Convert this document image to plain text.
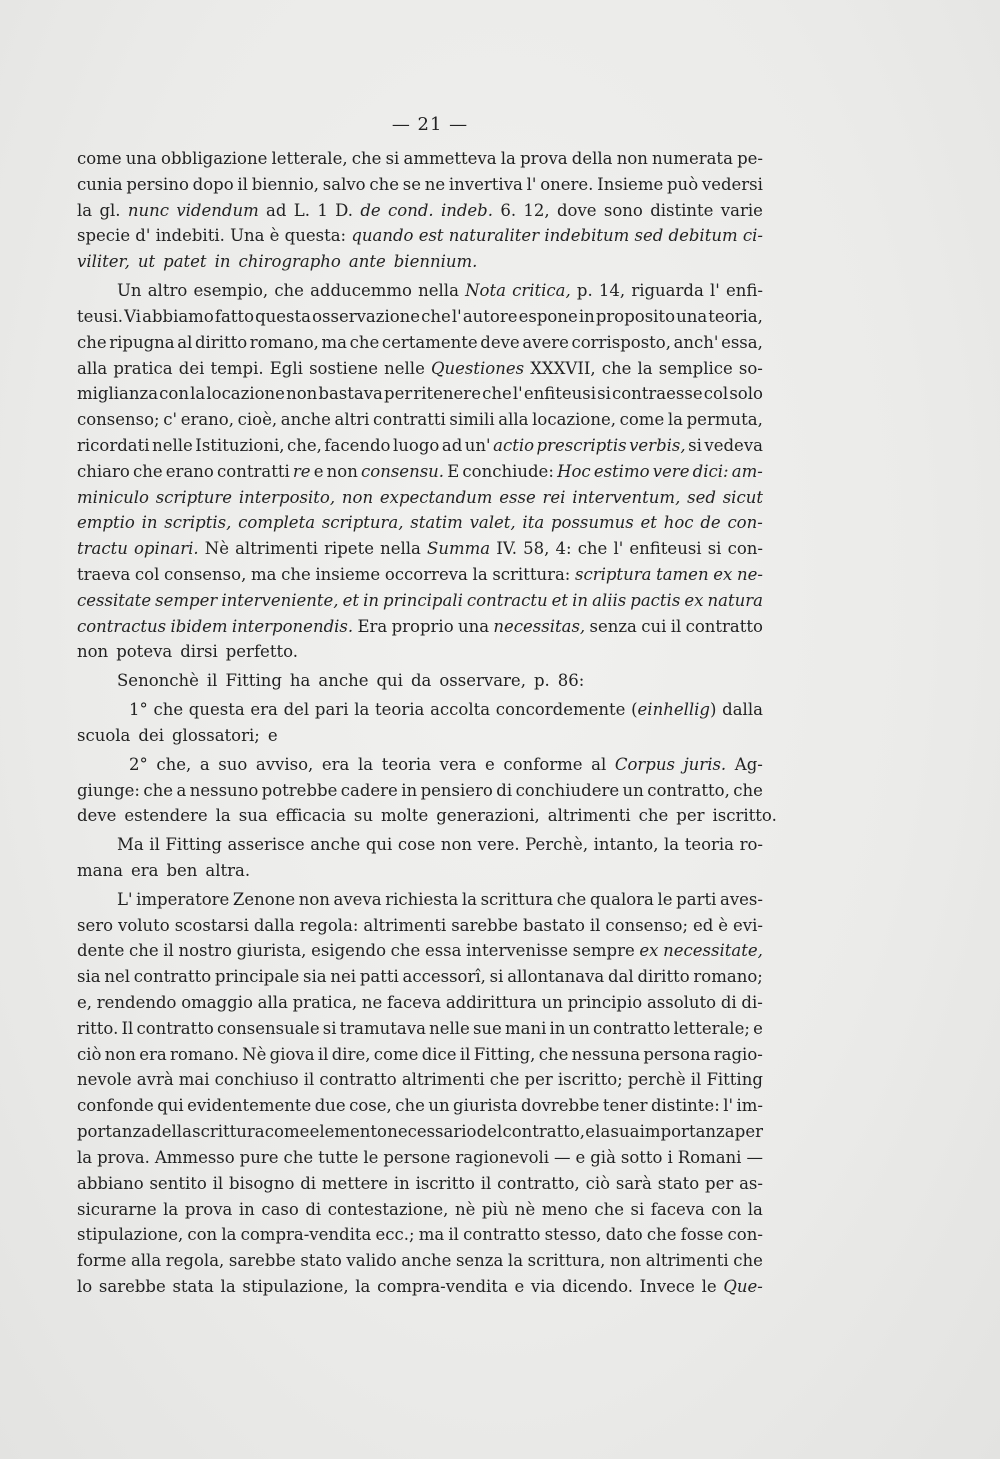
— 21 —
come una obbligazione letterale, che si ammetteva la prova della non numerata pe-
cunia persino dopo il biennio, salvo che se ne invertiva l' onere. Insieme può vedersi
la gl. nunc videndum ad L. 1 D. de cond. indeb. 6. 12, dove sono distinte varie
specie d' indebiti. Una è questa: quando est naturaliter indebitum sed debitum ci-
viliter, ut patet in chirographo ante biennium.
Un altro esempio, che adducemmo nella Nota critica, p. 14, riguarda l' enfi-
teusi. Vi abbiamo fatto questa osservazione che l' autore espone in proposito una teoria,
che ripugna al diritto romano, ma che certamente deve avere corrisposto, anch' essa,
alla pratica dei tempi. Egli sostiene nelle Questiones XXXVII, che la semplice so-
miglianza con la locazione non bastava per ritenere che l' enfiteusi si contraesse col solo
consenso; c' erano, cioè, anche altri contratti simili alla locazione, come la permuta,
ricordati nelle Istituzioni, che, facendo luogo ad un' actio prescriptis verbis, si vedeva
chiaro che erano contratti re e non consensu. E conchiude: Hoc estimo vere dici: am-
miniculo scripture interposito, non expectandum esse rei interventum, sed sicut
emptio in scriptis, completa scriptura, statim valet, ita possumus et hoc de con-
tractu opinari. Nè altrimenti ripete nella Summa IV. 58, 4: che l' enfiteusi si con-
traeva col consenso, ma che insieme occorreva la scrittura: scriptura tamen ex ne-
cessitate semper interveniente, et in principali contractu et in aliis pactis ex natura
contractus ibidem interponendis. Era proprio una necessitas, senza cui il contratto
non poteva dirsi perfetto.
Senonchè il Fitting ha anche qui da osservare, p. 86:
1° che questa era del pari la teoria accolta concordemente (einhellig) dalla
scuola dei glossatori; e
2° che, a suo avviso, era la teoria vera e conforme al Corpus juris. Ag-
giunge: che a nessuno potrebbe cadere in pensiero di conchiudere un contratto, che
deve estendere la sua efficacia su molte generazioni, altrimenti che per iscritto.
Ma il Fitting asserisce anche qui cose non vere. Perchè, intanto, la teoria ro-
mana era ben altra.
L' imperatore Zenone non aveva richiesta la scrittura che qualora le parti aves-
sero voluto scostarsi dalla regola: altrimenti sarebbe bastato il consenso; ed è evi-
dente che il nostro giurista, esigendo che essa intervenisse sempre ex necessitate,
sia nel contratto principale sia nei patti accessorî, si allontanava dal diritto romano;
e, rendendo omaggio alla pratica, ne faceva addirittura un principio assoluto di di-
ritto. Il contratto consensuale si tramutava nelle sue mani in un contratto letterale; e
ciò non era romano. Nè giova il dire, come dice il Fitting, che nessuna persona ragio-
nevole avrà mai conchiuso il contratto altrimenti che per iscritto; perchè il Fitting
confonde qui evidentemente due cose, che un giurista dovrebbe tener distinte: l' im-
portanza della scrittura come elemento necessario del contratto, e la sua importanza per
la prova. Ammesso pure che tutte le persone ragionevoli — e già sotto i Romani —
abbiano sentito il bisogno di mettere in iscritto il contratto, ciò sarà stato per as-
sicurarne la prova in caso di contestazione, nè più nè meno che si faceva con la
stipulazione, con la compra-vendita ecc.; ma il contratto stesso, dato che fosse con-
forme alla regola, sarebbe stato valido anche senza la scrittura, non altrimenti che
lo sarebbe stata la stipulazione, la compra-vendita e via dicendo. Invece le Que-
